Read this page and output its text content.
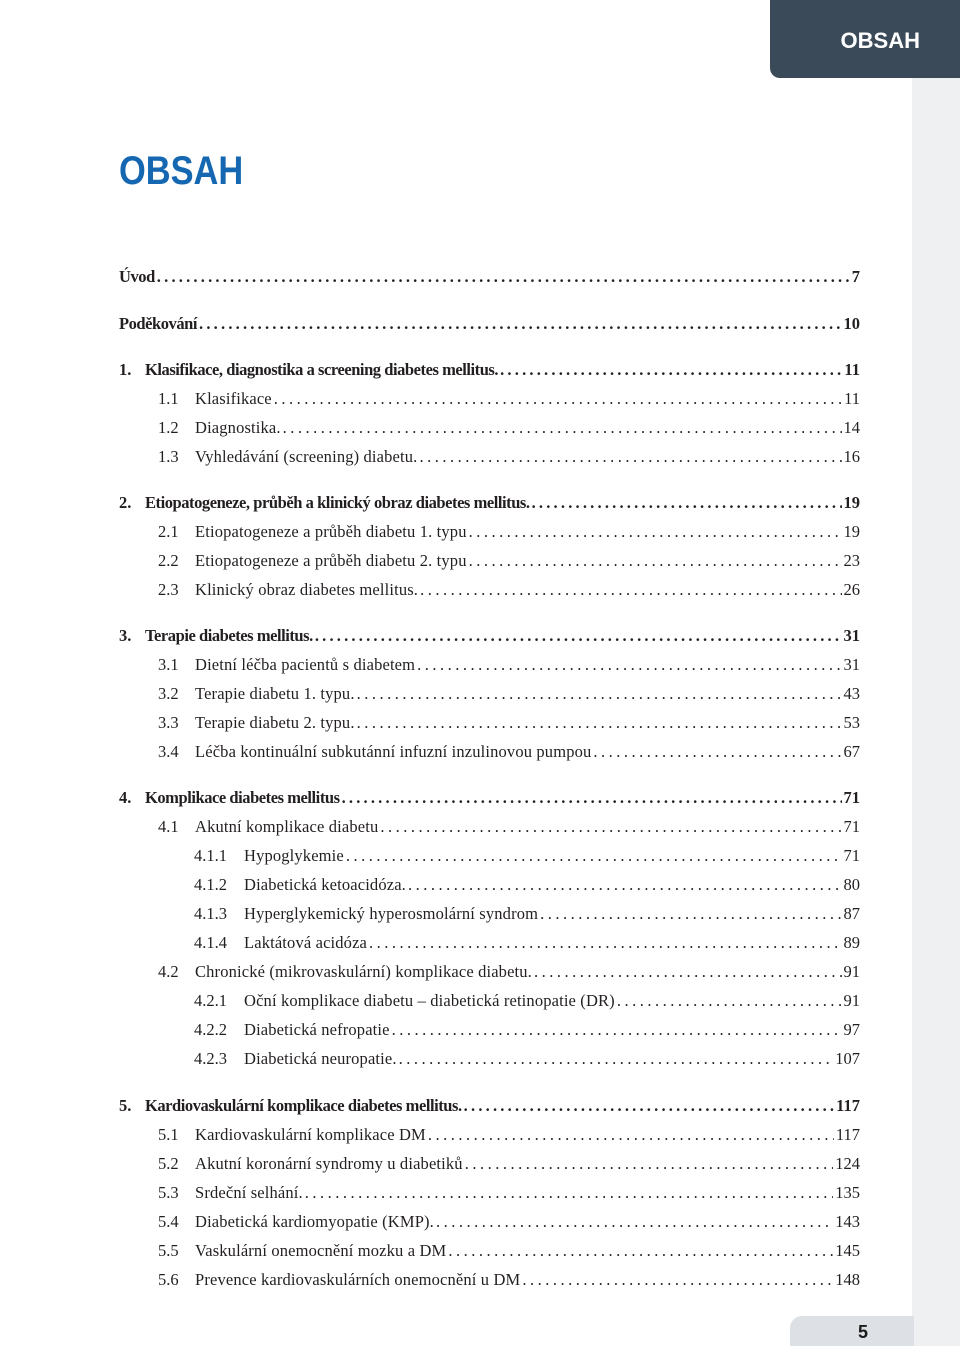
OBSAH
OBSAH
Úvod .....	7
Poděkování .....	10
1. Klasifikace, diagnostika a screening diabetes mellitus. .....	11
1.1 Klasifikace .....	11
1.2 Diagnostika. .....	14
1.3 Vyhledávání (screening) diabetu. .....	16
2. Etiopatogeneze, průběh a klinický obraz diabetes mellitus. .....	19
2.1 Etiopatogeneze a průběh diabetu 1. typu .....	19
2.2 Etiopatogeneze a průběh diabetu 2. typu .....	23
2.3 Klinický obraz diabetes mellitus. .....	26
3. Terapie diabetes mellitus. .....	31
3.1 Dietní léčba pacientů s diabetem .....	31
3.2 Terapie diabetu 1. typu. .....	43
3.3 Terapie diabetu 2. typu. .....	53
3.4 Léčba kontinuální subkutánní infuzní inzulinovou pumpou .....	67
4. Komplikace diabetes mellitus .....	71
4.1 Akutní komplikace diabetu .....	71
4.1.1	Hypoglykemie .....	71
4.1.2	Diabetická ketoacidóza. .....	80
4.1.3	Hyperglykemický hyperosmolární syndrom .....	87
4.1.4	Laktátová acidóza .....	89
4.2 Chronické (mikrovaskulární) komplikace diabetu. .....	91
4.2.1	Oční komplikace diabetu – diabetická retinopatie (DR) .....	91
4.2.2	Diabetická nefropatie .....	97
4.2.3	Diabetická neuropatie. .....	107
5. Kardiovaskulární komplikace diabetes mellitus. .....	117
5.1 Kardiovaskulární komplikace DM .....	117
5.2 Akutní koronární syndromy u diabetiků .....	124
5.3 Srdeční selhání. .....	135
5.4 Diabetická kardiomyopatie (KMP). .....	143
5.5 Vaskulární onemocnění mozku a DM .....	145
5.6 Prevence kardiovaskulárních onemocnění u DM .....	148
5
